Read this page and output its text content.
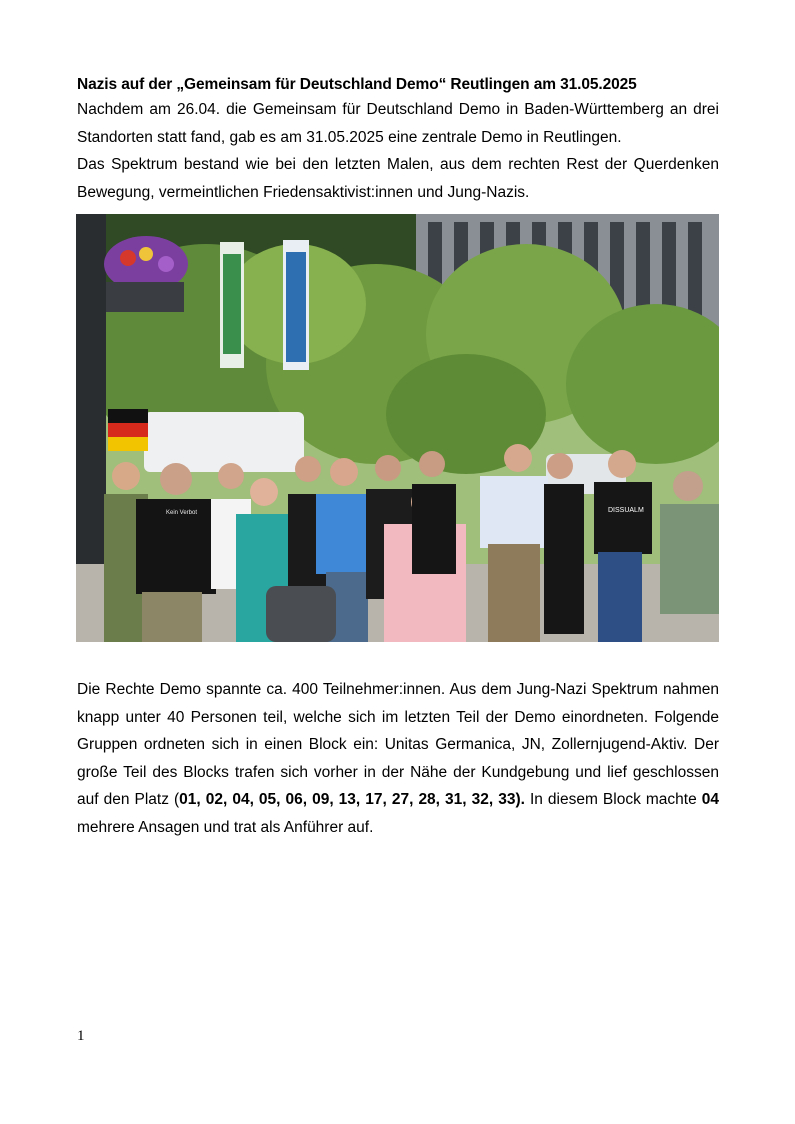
Nazis auf der „Gemeinsam für Deutschland Demo“ Reutlingen am 31.05.2025

Nachdem am 26.04. die Gemeinsam für Deutschland Demo in Baden-Württemberg an drei Standorten statt fand, gab es am 31.05.2025 eine zentrale Demo in Reutlingen.

Das Spektrum bestand wie bei den letzten Malen, aus dem rechten Rest der Querdenken Bewegung, vermeintlichen Friedensaktivist:innen und Jung-Nazis.

Kein Verbot	DISSUALM

Die Rechte Demo spannte ca. 400 Teilnehmer:innen. Aus dem Jung-Nazi Spektrum nahmen knapp unter 40 Personen teil, welche sich im letzten Teil der Demo einordneten. Folgende Gruppen ordneten sich in einen Block ein: Unitas Germanica, JN, Zollernjugend-Aktiv. Der große Teil des Blocks trafen sich vorher in der Nähe der Kundgebung und lief geschlossen auf den Platz (01, 02, 04, 05, 06, 09, 13, 17, 27, 28, 31, 32, 33). In diesem Block machte 04 mehrere Ansagen und trat als Anführer auf.

1
